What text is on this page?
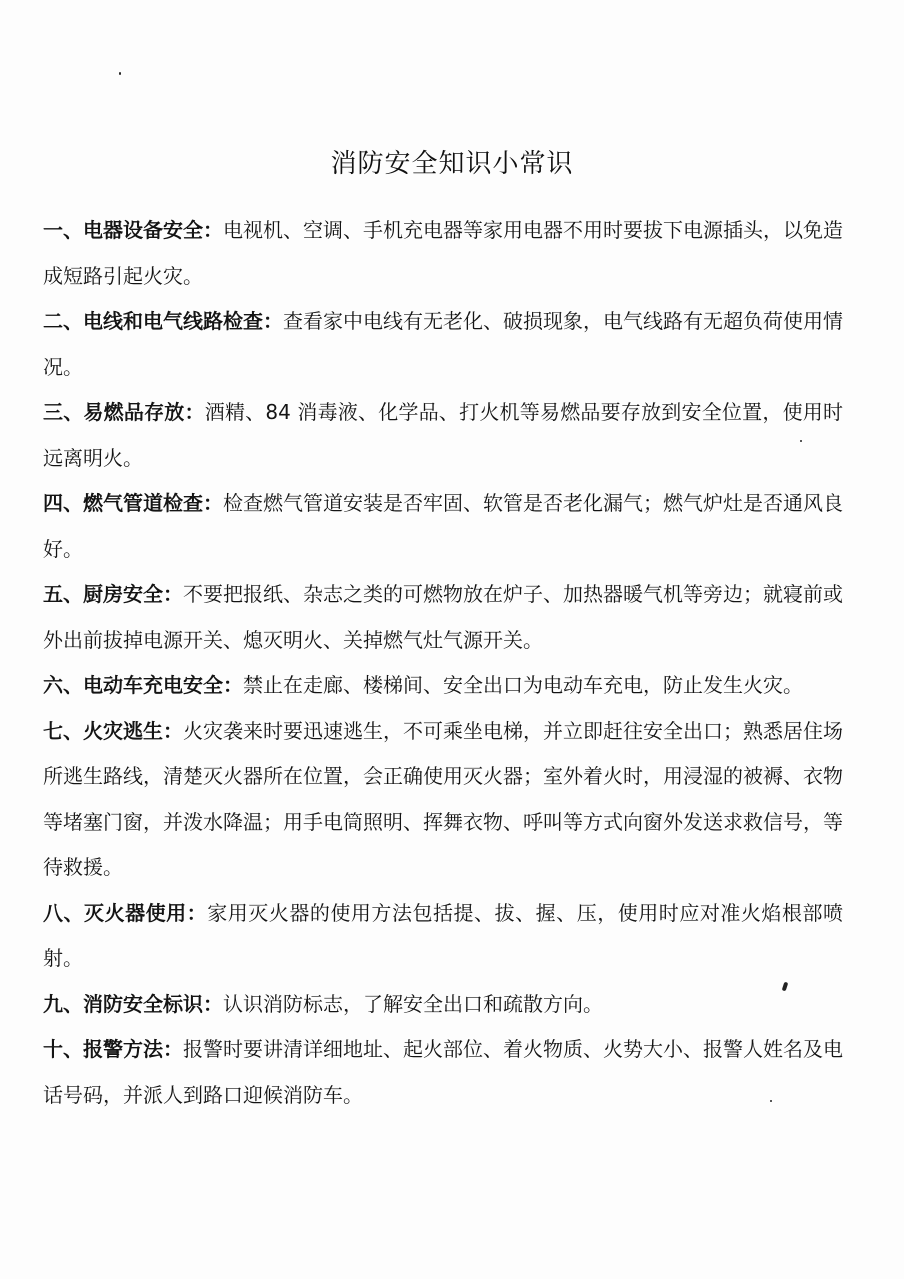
消防安全知识小常识

一、电器设备安全：电视机、空调、手机充电器等家用电器不用时要拔下电源插头，以免造成短路引起火灾。

二、电线和电气线路检查：查看家中电线有无老化、破损现象，电气线路有无超负荷使用情况。

三、易燃品存放：酒精、84 消毒液、化学品、打火机等易燃品要存放到安全位置，使用时远离明火。

四、燃气管道检查：检查燃气管道安装是否牢固、软管是否老化漏气；燃气炉灶是否通风良好。

五、厨房安全：不要把报纸、杂志之类的可燃物放在炉子、加热器暖气机等旁边；就寝前或外出前拔掉电源开关、熄灭明火、关掉燃气灶气源开关。

六、电动车充电安全：禁止在走廊、楼梯间、安全出口为电动车充电，防止发生火灾。

七、火灾逃生：火灾袭来时要迅速逃生，不可乘坐电梯，并立即赶往安全出口；熟悉居住场所逃生路线，清楚灭火器所在位置，会正确使用灭火器；室外着火时，用浸湿的被褥、衣物等堵塞门窗，并泼水降温；用手电筒照明、挥舞衣物、呼叫等方式向窗外发送求救信号，等待救援。

八、灭火器使用：家用灭火器的使用方法包括提、拔、握、压，使用时应对准火焰根部喷射。

九、消防安全标识：认识消防标志，了解安全出口和疏散方向。

十、报警方法：报警时要讲清详细地址、起火部位、着火物质、火势大小、报警人姓名及电话号码，并派人到路口迎候消防车。
